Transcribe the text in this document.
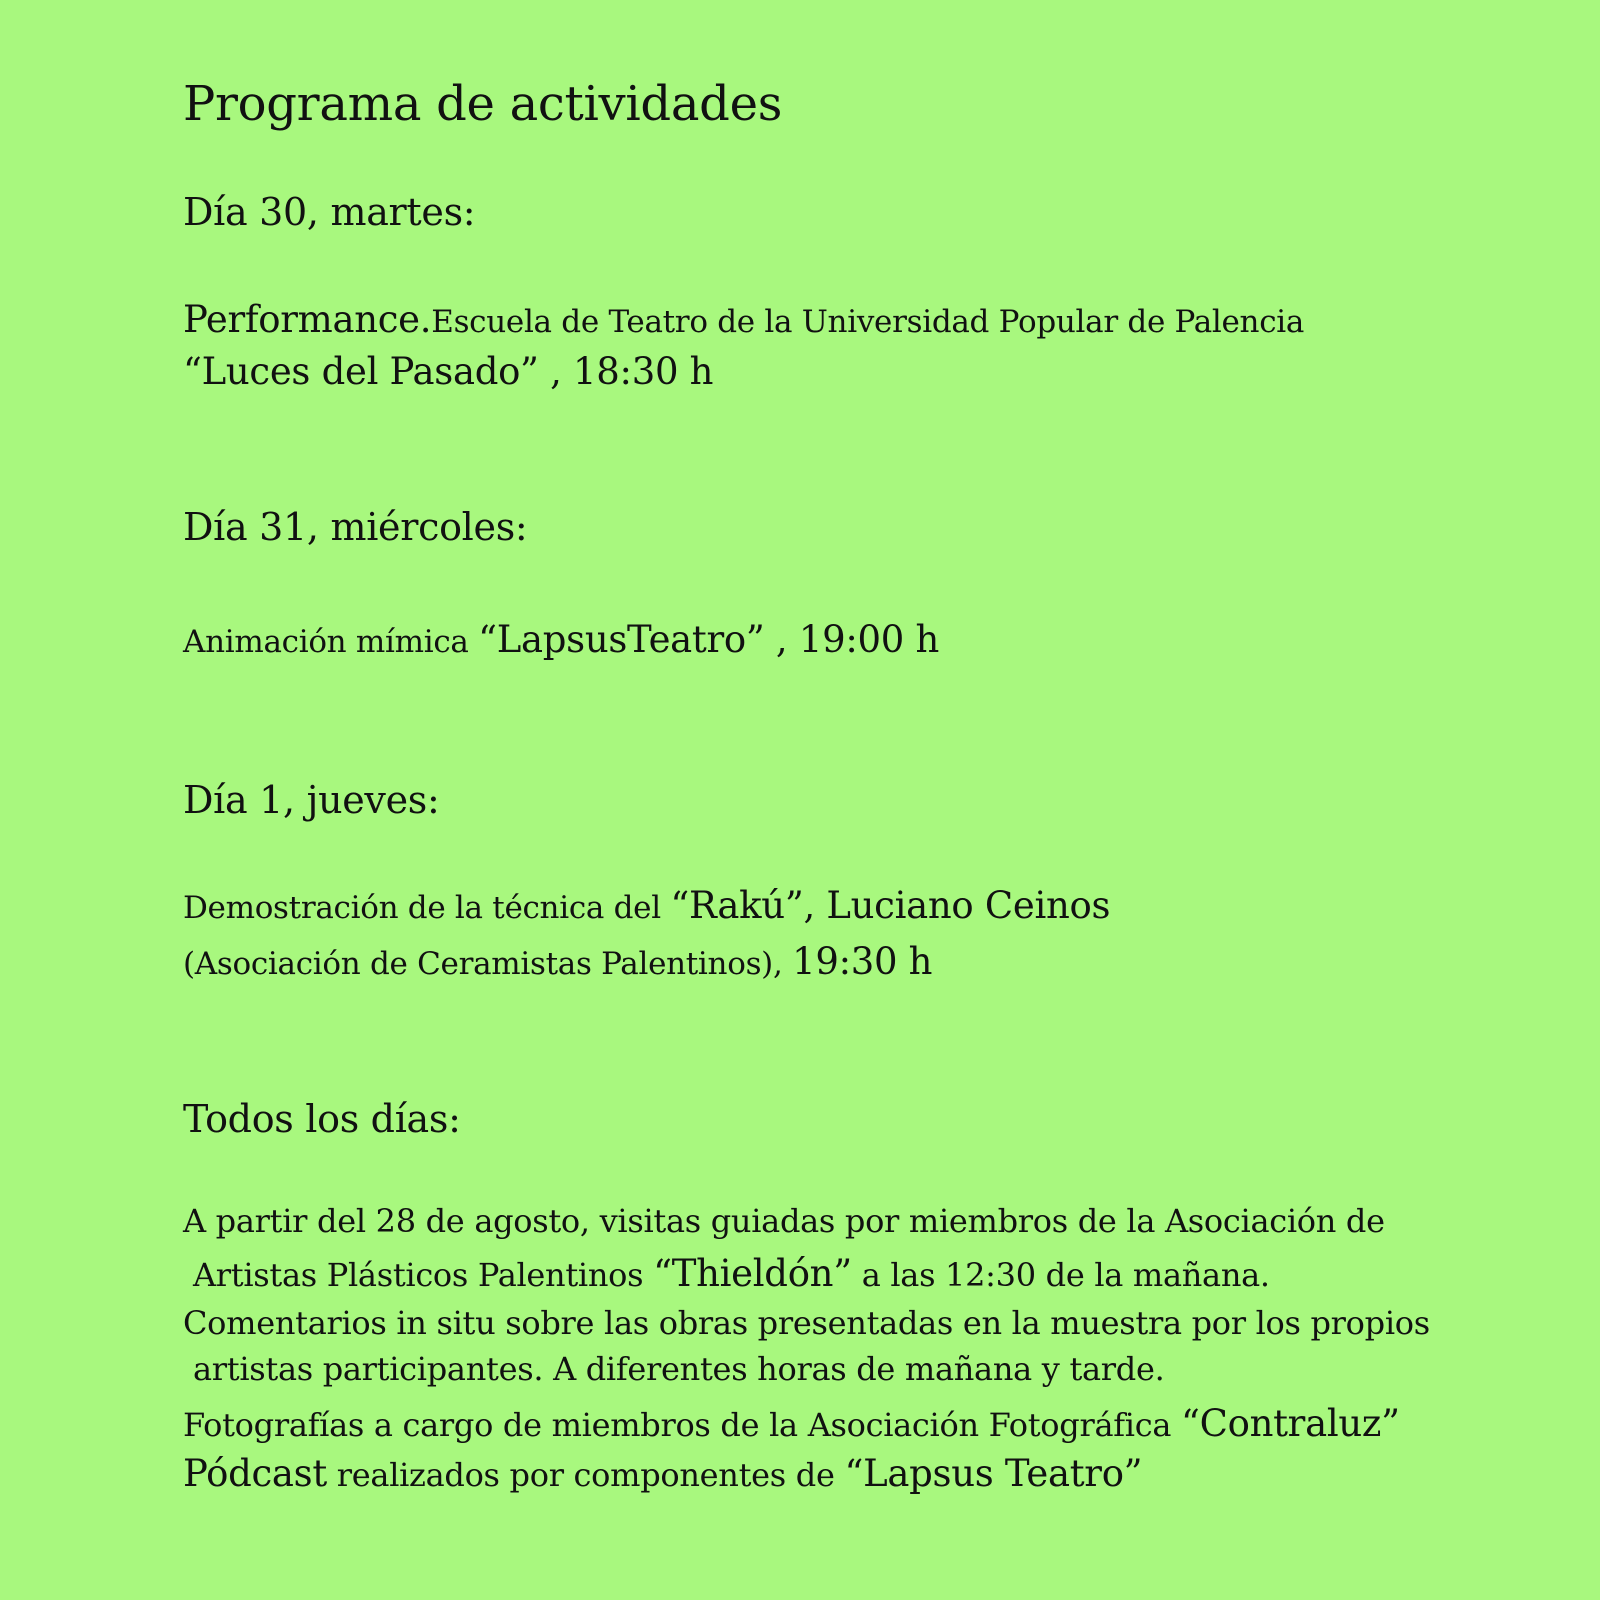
Programa de actividades
Día 30, martes:

Performance.Escuela de Teatro de la Universidad Popular de Palencia

“Luces del Pasado” , 18:30 h

Día 31, miércoles:

Animación mímica “LapsusTeatro” , 19:00 h

Día 1, jueves:

Demostración de la técnica del “Rakú”, Luciano Ceinos

(Asociación de Ceramistas Palentinos), 19:30 h

Todos los días:

A partir del 28 de agosto, visitas guiadas por miembros de la Asociación de

Artistas Plásticos Palentinos “Thieldón” a las 12:30 de la mañana.

Comentarios in situ sobre las obras presentadas en la muestra por los propios

artistas participantes. A diferentes horas de mañana y tarde.

Fotografías a cargo de miembros de la Asociación Fotográfica “Contraluz”

Pódcast realizados por componentes de “Lapsus Teatro”
